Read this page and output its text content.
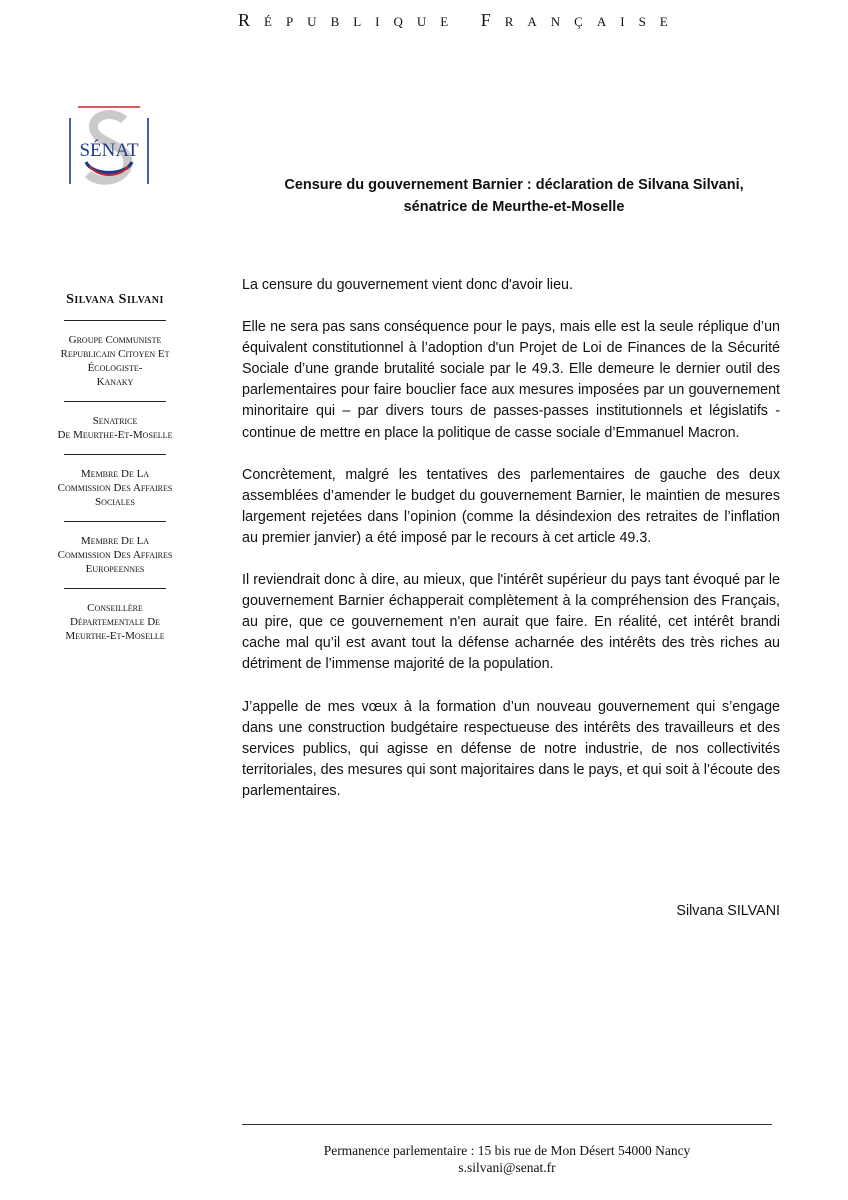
République Française
SÉNAT
Censure du gouvernement Barnier : déclaration de Silvana Silvani,
sénatrice de Meurthe-et-Moselle
Silvana Silvani
Groupe Communiste
Republicain Citoyen Et
Écologiste-
Kanaky
Senatrice
De Meurthe-Et-Moselle
Membre De La
Commission Des Affaires
Sociales
Membre De La
Commission Des Affaires
Europeennes
Conseillère
Départementale De
Meurthe-Et-Moselle

La censure du gouvernement vient donc d'avoir lieu.

Elle ne sera pas sans conséquence pour le pays, mais elle est la seule réplique d’un équivalent constitutionnel à l’adoption d'un Projet de Loi de Finances de la Sécurité Sociale d’une grande brutalité sociale par le 49.3. Elle demeure le dernier outil des parlementaires pour faire bouclier face aux mesures imposées par un gouvernement minoritaire qui – par divers tours de passes-passes institutionnels et législatifs - continue de mettre en place la politique de casse sociale d’Emmanuel Macron.

Concrètement, malgré les tentatives des parlementaires de gauche des deux assemblées d’amender le budget du gouvernement Barnier, le maintien de mesures largement rejetées dans l’opinion (comme la désindexion des retraites de l’inflation au premier janvier) a été imposé par le recours à cet article 49.3.

Il reviendrait donc à dire, au mieux, que l'intérêt supérieur du pays tant évoqué par le gouvernement Barnier échapperait complètement à la compréhension des Français, au pire, que ce gouvernement n'en aurait que faire. En réalité, cet intérêt brandi cache mal qu’il est avant tout la défense acharnée des intérêts des très riches au détriment de l’immense majorité de la population.

J’appelle de mes vœux à la formation d’un nouveau gouvernement qui s’engage dans une construction budgétaire respectueuse des intérêts des travailleurs et des services publics, qui agisse en défense de notre industrie, de nos collectivités territoriales, des mesures qui sont majoritaires dans le pays, et qui soit à l’écoute des parlementaires.

Silvana SILVANI
Permanence parlementaire : 15 bis rue de Mon Désert 54000 Nancy
s.silvani@senat.fr
